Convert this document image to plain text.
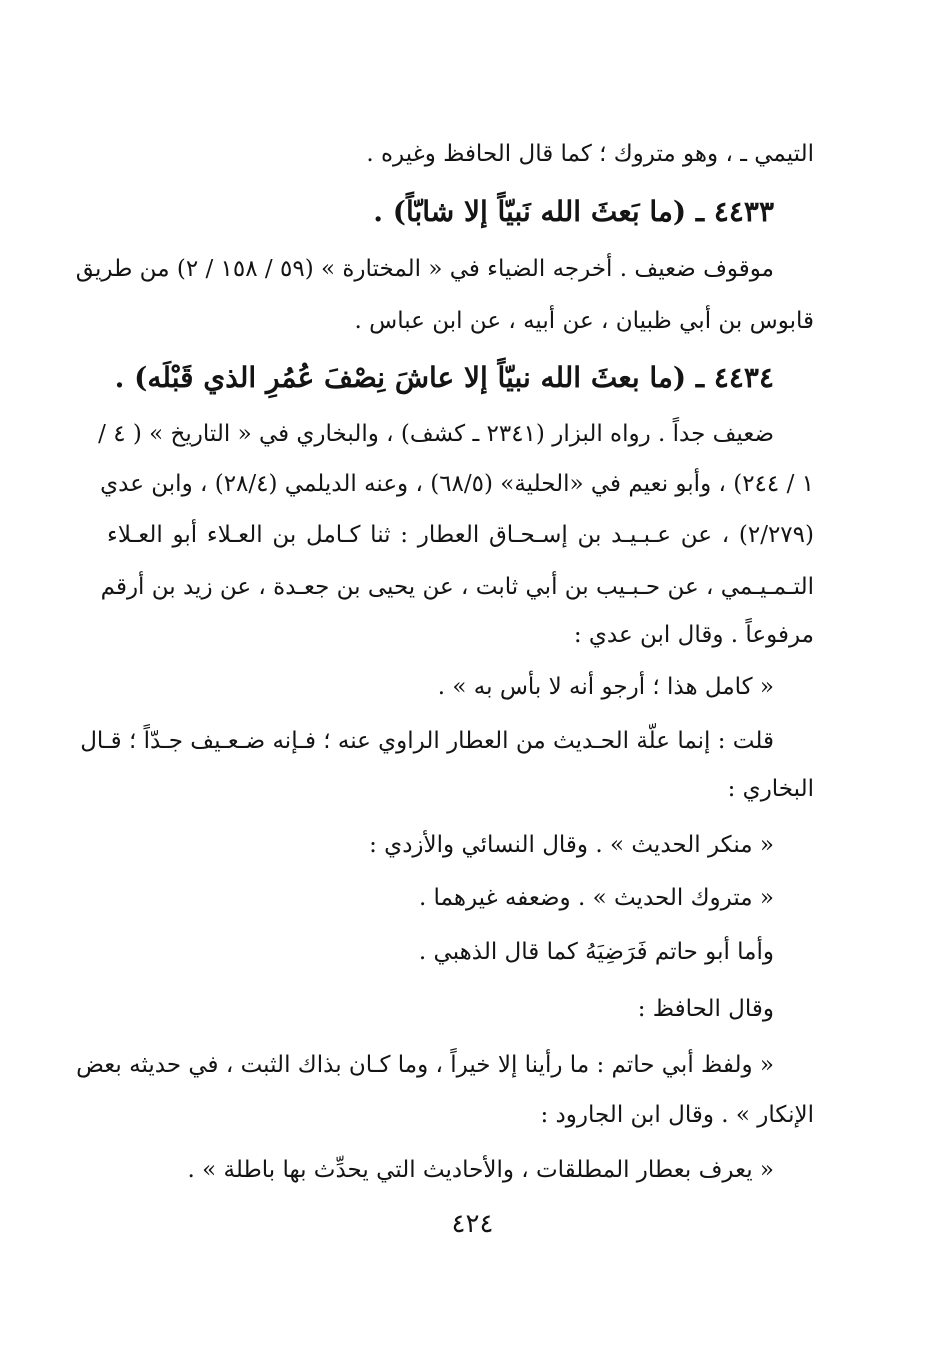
التيمي ـ ، وهو متروك ؛ كما قال الحافظ وغيره .
٤٤٣٣ ـ (ما بَعثَ الله نَبيّاً إلا شابّاً) .
موقوف ضعيف . أخرجه الضياء في « المختارة » (٥٩ / ١٥٨ / ٢) من طريق
قابوس بن أبي ظبيان ، عن أبيه ، عن ابن عباس .
٤٤٣٤ ـ (ما بعثَ الله نبيّاً إلا عاشَ نِصْفَ عُمُرِ الذي قَبْلَه) .
ضعيف جداً . رواه البزار (٢٣٤١ ـ كشف) ، والبخاري في « التاريخ » ( ٤ /
١ / ٢٤٤) ، وأبو نعيم في «الحلية» (٦٨/٥) ، وعنه الديلمي (٢٨/٤) ، وابن عدي
(٢/٢٧٩) ، عن عـبـيـد بن إسـحـاق العطار : ثنا كـامل بن العـلاء أبو العـلاء
التـمـيـمي ، عن حـبـيب بن أبي ثابت ، عن يحيى بن جعـدة ، عن زيد بن أرقم
مرفوعاً . وقال ابن عدي :
« كامل هذا ؛ أرجو أنه لا بأس به » .
قلت : إنما علّة الحـديث من العطار الراوي عنه ؛ فـإنه ضـعـيف جـدّاً ؛ قـال
البخاري :
« منكر الحديث » . وقال النسائي والأزدي :
« متروك الحديث » . وضعفه غيرهما .
وأما أبو حاتم فَرَضِيَهُ كما قال الذهبي .
وقال الحافظ :
« ولفظ أبي حاتم : ما رأينا إلا خيراً ، وما كـان بذاك الثبت ، في حديثه بعض
الإنكار » . وقال ابن الجارود :
« يعرف بعطار المطلقات ، والأحاديث التي يحدِّث بها باطلة » .
٤٢٤
